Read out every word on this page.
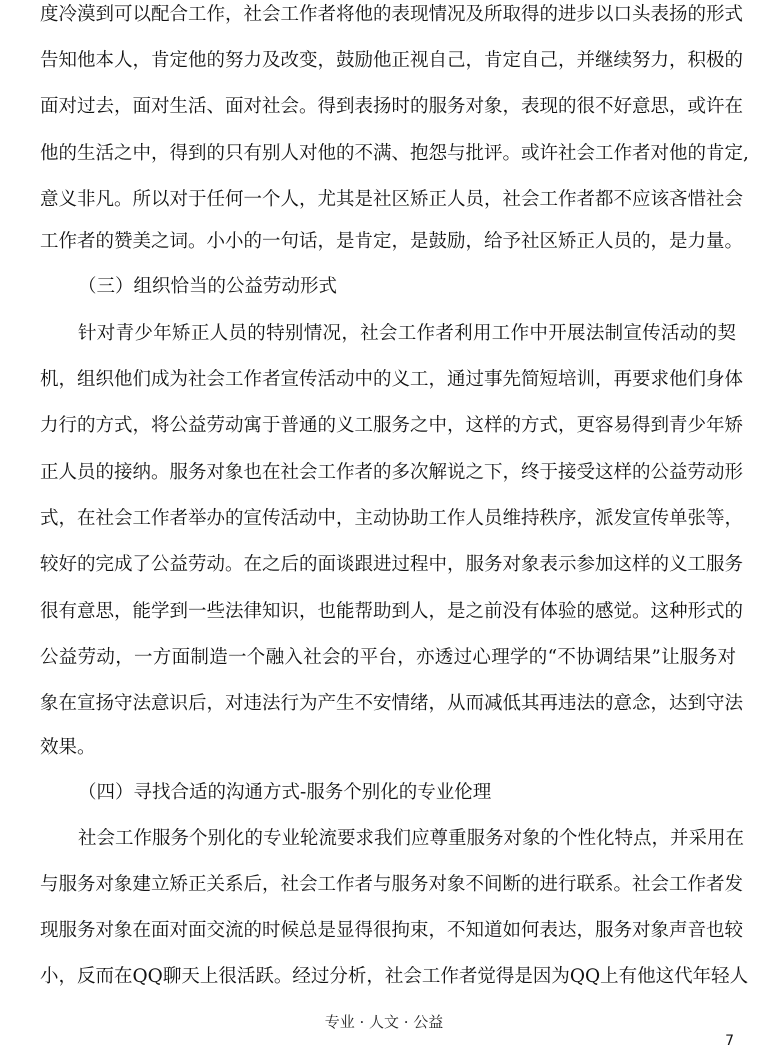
度冷漠到可以配合工作，社会工作者将他的表现情况及所取得的进步以口头表扬的形式
告知他本人，肯定他的努力及改变，鼓励他正视自己，肯定自己，并继续努力，积极的
面对过去，面对生活、面对社会。得到表扬时的服务对象，表现的很不好意思，或许在
他的生活之中，得到的只有别人对他的不满、抱怨与批评。或许社会工作者对他的肯定,
意义非凡。所以对于任何一个人，尤其是社区矫正人员，社会工作者都不应该吝惜社会
工作者的赞美之词。小小的一句话，是肯定，是鼓励，给予社区矫正人员的，是力量。
（三）组织恰当的公益劳动形式
针对青少年矫正人员的特别情况，社会工作者利用工作中开展法制宣传活动的契
机，组织他们成为社会工作者宣传活动中的义工，通过事先简短培训，再要求他们身体
力行的方式，将公益劳动寓于普通的义工服务之中，这样的方式，更容易得到青少年矫
正人员的接纳。服务对象也在社会工作者的多次解说之下，终于接受这样的公益劳动形
式，在社会工作者举办的宣传活动中，主动协助工作人员维持秩序，派发宣传单张等，
较好的完成了公益劳动。在之后的面谈跟进过程中，服务对象表示参加这样的义工服务
很有意思，能学到一些法律知识，也能帮助到人，是之前没有体验的感觉。这种形式的
公益劳动，一方面制造一个融入社会的平台，亦透过心理学的“不协调结果”让服务对
象在宣扬守法意识后，对违法行为产生不安情绪，从而减低其再违法的意念，达到守法
效果。
（四）寻找合适的沟通方式-服务个别化的专业伦理
社会工作服务个别化的专业轮流要求我们应尊重服务对象的个性化特点，并采用在
与服务对象建立矫正关系后，社会工作者与服务对象不间断的进行联系。社会工作者发
现服务对象在面对面交流的时候总是显得很拘束，不知道如何表达，服务对象声音也较
小，反而在QQ聊天上很活跃。经过分析，社会工作者觉得是因为QQ上有他这代年轻人
专业 · 人文 · 公益
7
